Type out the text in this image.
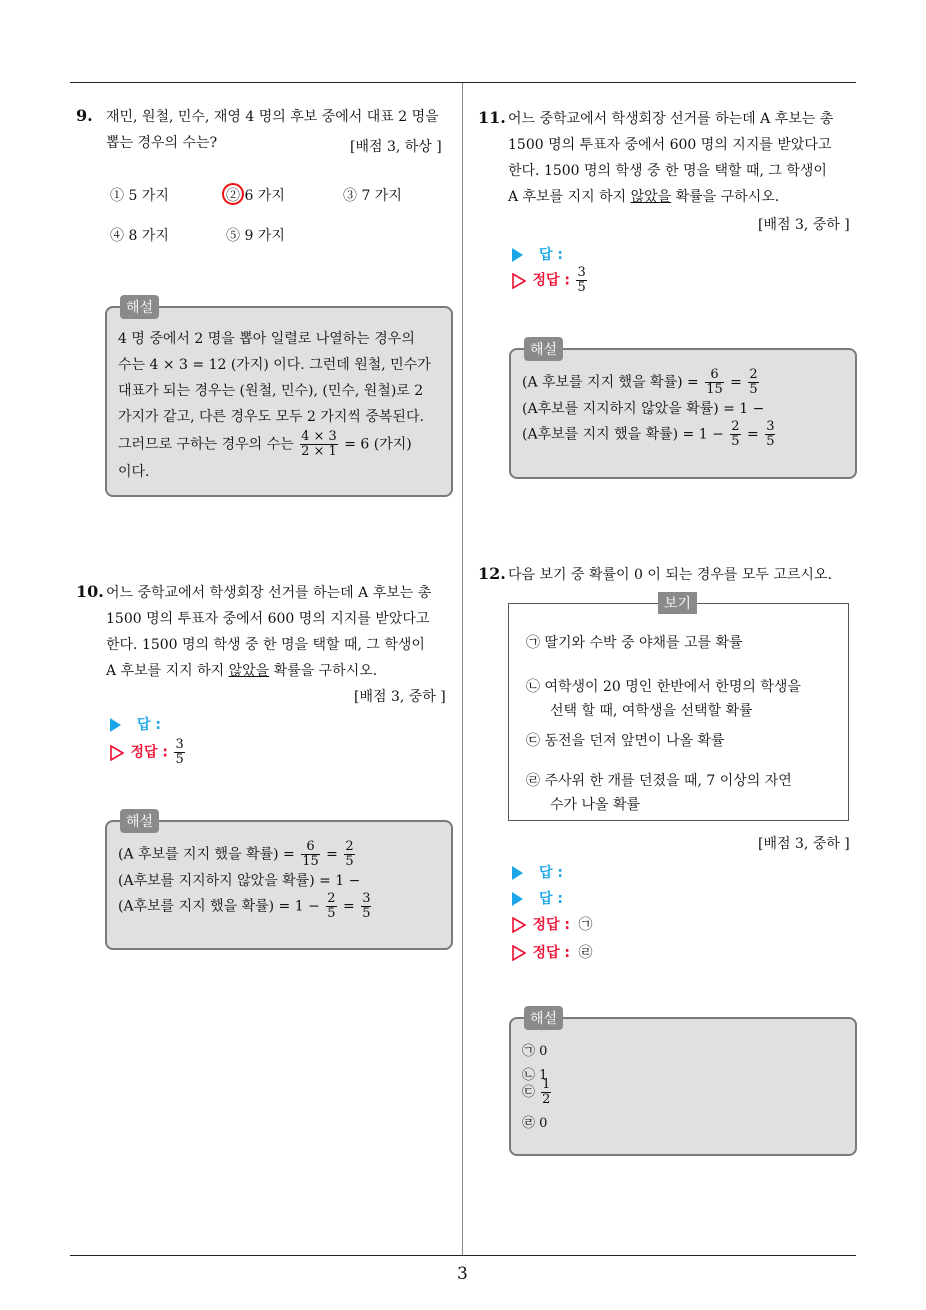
9. 재민, 원철, 민수, 재영 4 명의 후보 중에서 대표 2 명을
뽑는 경우의 수는?	[배점 3, 하상 ]
① 5 가지	② 6 가지	③ 7 가지
④ 8 가지	⑤ 9 가지
해설
4 명 중에서 2 명을 뽑아 일렬로 나열하는 경우의
수는 4 × 3 = 12 (가지) 이다. 그런데 원철, 민수가
대표가 되는 경우는 (원철, 민수), (민수, 원철)로 2
가지가 같고, 다른 경우도 모두 2 가지씩 중복된다.
그러므로 구하는 경우의 수는 $\frac{4 \times 3}{2 \times 1} = 6$ (가지)
이다.
10. 어느 중학교에서 학생회장 선거를 하는데 A 후보는 총
1500 명의 투표자 중에서 600 명의 지지를 받았다고
한다. 1500 명의 학생 중 한 명을 택할 때, 그 학생이
A 후보를 지지 하지 않았을 확률을 구하시오.
[배점 3, 중하 ]
답 :
정답 : $\frac{3}{5}$
해설
(A 후보를 지지 했을 확률) = $\frac{6}{15} = \frac{2}{5}$
(A후보를 지지하지 않았을 확률) = 1 −
(A후보를 지지 했을 확률) = $1 - \frac{2}{5} = \frac{3}{5}$
11. 어느 중학교에서 학생회장 선거를 하는데 A 후보는 총
1500 명의 투표자 중에서 600 명의 지지를 받았다고
한다. 1500 명의 학생 중 한 명을 택할 때, 그 학생이
A 후보를 지지 하지 않았을 확률을 구하시오.
[배점 3, 중하 ]
답 :
정답 : $\frac{3}{5}$
해설
(A 후보를 지지 했을 확률) = $\frac{6}{15} = \frac{2}{5}$
(A후보를 지지하지 않았을 확률) = 1 −
(A후보를 지지 했을 확률) = $1 - \frac{2}{5} = \frac{3}{5}$
12. 다음 보기 중 확률이 0 이 되는 경우를 모두 고르시오.
보기
㉠ 딸기와 수박 중 야채를 고를 확률
㉡ 여학생이 20 명인 한반에서 한명의 학생을
선택 할 때, 여학생을 선택할 확률
㉢ 동전을 던져 앞면이 나올 확률
㉣ 주사위 한 개를 던졌을 때, 7 이상의 자연
수가 나올 확률
[배점 3, 중하 ]
답 :
답 :
정답 : ㉠
정답 : ㉣
해설
㉠ 0
㉡ 1
㉢ $\frac{1}{2}$
㉣ 0
3
